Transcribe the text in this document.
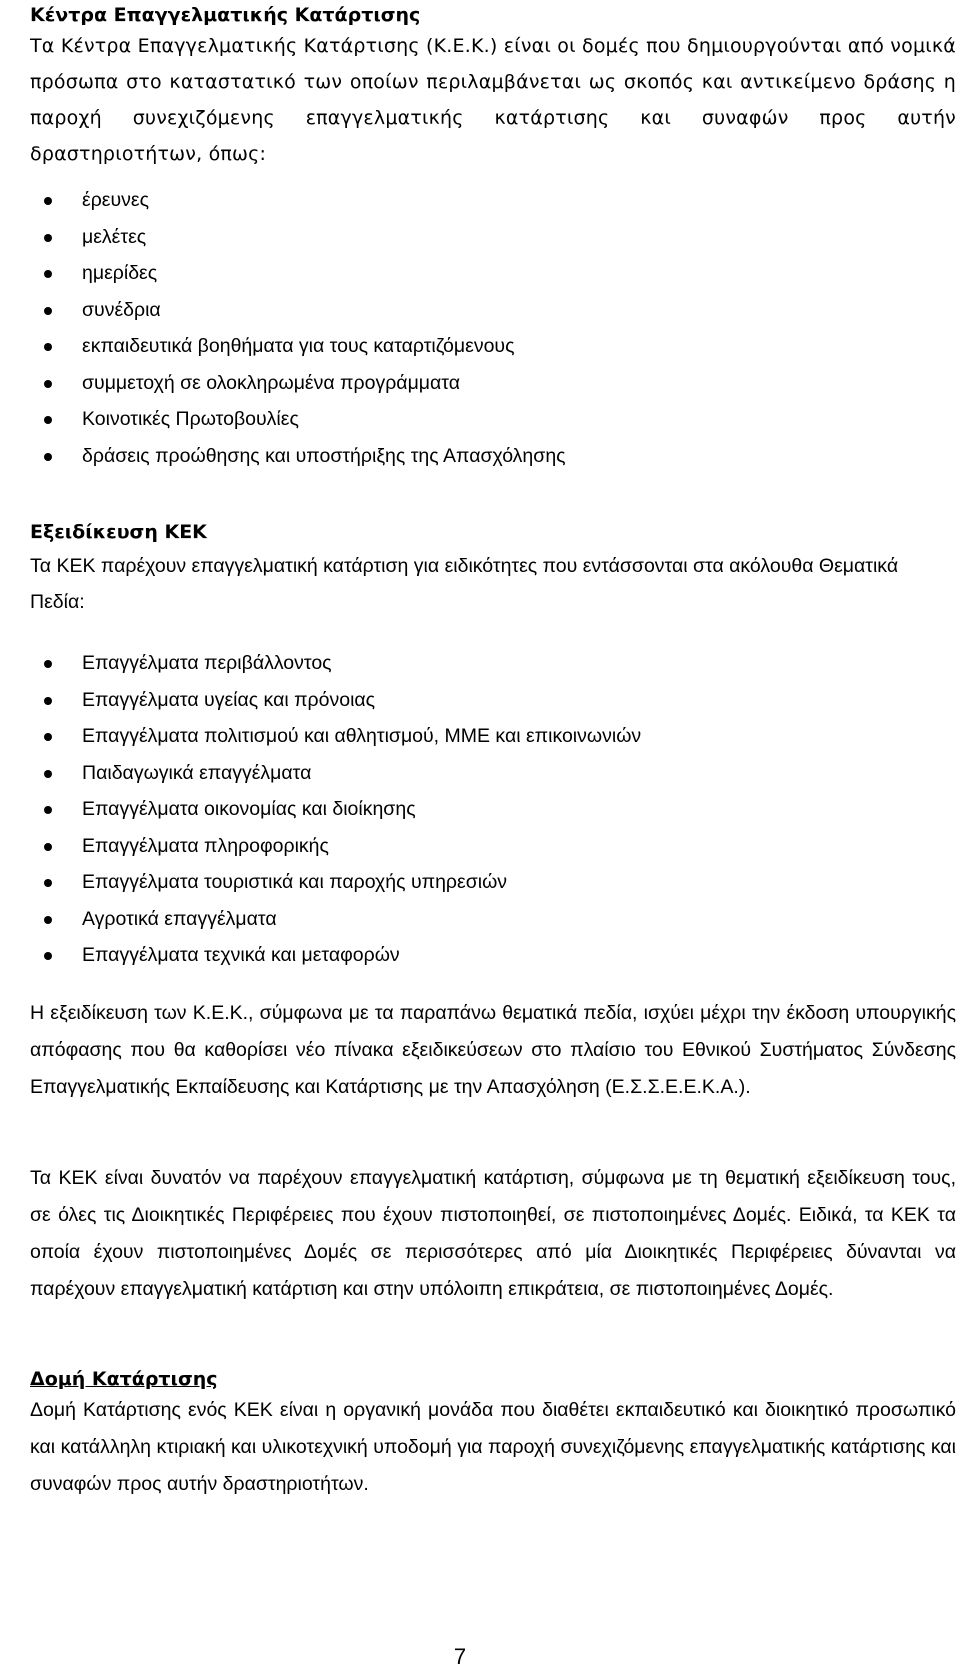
Κέντρα Επαγγελματικής Κατάρτισης

Τα Κέντρα Επαγγελματικής Κατάρτισης (Κ.Ε.Κ.) είναι οι δομές που δημιουργούνται από νομικά πρόσωπα στο καταστατικό των οποίων περιλαμβάνεται ως σκοπός και αντικείμενο δράσης η παροχή συνεχιζόμενης επαγγελματικής κατάρτισης και συναφών προς αυτήν δραστηριοτήτων, όπως:

έρευνες
μελέτες
ημερίδες
συνέδρια
εκπαιδευτικά βοηθήματα για τους καταρτιζόμενους
συμμετοχή σε ολοκληρωμένα προγράμματα
Κοινοτικές Πρωτοβουλίες
δράσεις προώθησης και υποστήριξης της Απασχόλησης
Εξειδίκευση ΚΕΚ

Τα ΚΕΚ παρέχουν επαγγελματική κατάρτιση για ειδικότητες που εντάσσονται στα ακόλουθα Θεματικά Πεδία:

Επαγγέλματα περιβάλλοντος
Επαγγέλματα υγείας και πρόνοιας
Επαγγέλματα πολιτισμού και αθλητισμού, ΜΜΕ και επικοινωνιών
Παιδαγωγικά επαγγέλματα
Επαγγέλματα οικονομίας και διοίκησης
Επαγγέλματα πληροφορικής
Επαγγέλματα τουριστικά και παροχής υπηρεσιών
Αγροτικά επαγγέλματα
Επαγγέλματα τεχνικά και μεταφορών

Η εξειδίκευση των Κ.Ε.Κ., σύμφωνα με τα παραπάνω θεματικά πεδία, ισχύει μέχρι την έκδοση υπουργικής απόφασης που θα καθορίσει νέο πίνακα εξειδικεύσεων στο πλαίσιο του Εθνικού Συστήματος Σύνδεσης Επαγγελματικής Εκπαίδευσης και Κατάρτισης με την Απασχόληση (Ε.Σ.Σ.Ε.Ε.Κ.Α.).

Τα ΚΕΚ είναι δυνατόν να παρέχουν επαγγελματική κατάρτιση, σύμφωνα με τη θεματική εξειδίκευση τους, σε όλες τις Διοικητικές Περιφέρειες που έχουν πιστοποιηθεί, σε πιστοποιημένες Δομές. Ειδικά, τα ΚΕΚ τα οποία έχουν πιστοποιημένες Δομές σε περισσότερες από μία Διοικητικές Περιφέρειες δύνανται να παρέχουν επαγγελματική κατάρτιση και στην υπόλοιπη επικράτεια, σε πιστοποιημένες Δομές.

Δομή Κατάρτισης

Δομή Κατάρτισης ενός ΚΕΚ είναι η οργανική μονάδα που διαθέτει εκπαιδευτικό και διοικητικό προσωπικό και κατάλληλη κτιριακή και υλικοτεχνική υποδομή για παροχή συνεχιζόμενης επαγγελματικής κατάρτισης και συναφών προς αυτήν δραστηριοτήτων.

7
